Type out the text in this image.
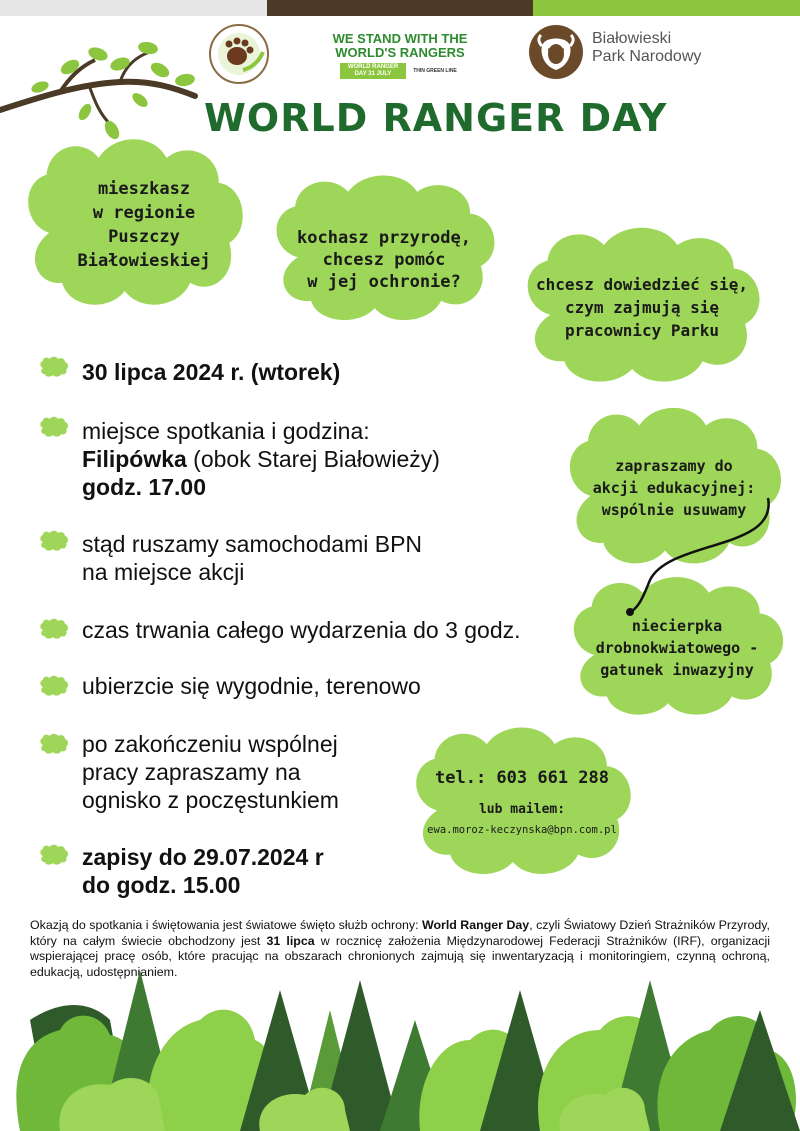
WE STAND WITH THE
WORLD'S RANGERS
WORLD RANGER DAY 31 JULY	THIN GREEN LINE
Białowieski
Park Narodowy
WORLD RANGER DAY
mieszkasz
w regionie
Puszczy
Białowieskiej
kochasz przyrodę,
chcesz pomóc
w jej ochronie?	chcesz dowiedzieć się,
czym zajmują się
pracownicy Parku
zapraszamy do
akcji edukacyjnej:
wspólnie usuwamy
niecierpka
drobnokwiatowego -
gatunek inwazyjny
tel.: 603 661 288
lub mailem:
ewa.moroz-keczynska@bpn.com.pl
30 lipca 2024 r. (wtorek)
miejsce spotkania i godzina:
Filipówka (obok Starej Białowieży)
godz. 17.00
stąd ruszamy samochodami BPN
na miejsce akcji
czas trwania całego wydarzenia do 3 godz.
ubierzcie się wygodnie, terenowo
po zakończeniu wspólnej
pracy zapraszamy na
ognisko z poczęstunkiem
zapisy do 29.07.2024 r
do godz. 15.00
Okazją do spotkania i świętowania jest światowe święto służb ochrony: World Ranger Day, czyli Światowy Dzień Strażników Przyrody, który na całym świecie obchodzony jest 31 lipca w rocznicę założenia Międzynarodowej Federacji Strażników (IRF), organizacji wspierającej pracę osób, które pracując na obszarach chronionych zajmują się inwentaryzacją i monitoringiem, czynną ochroną, edukacją, udostępnianiem.
